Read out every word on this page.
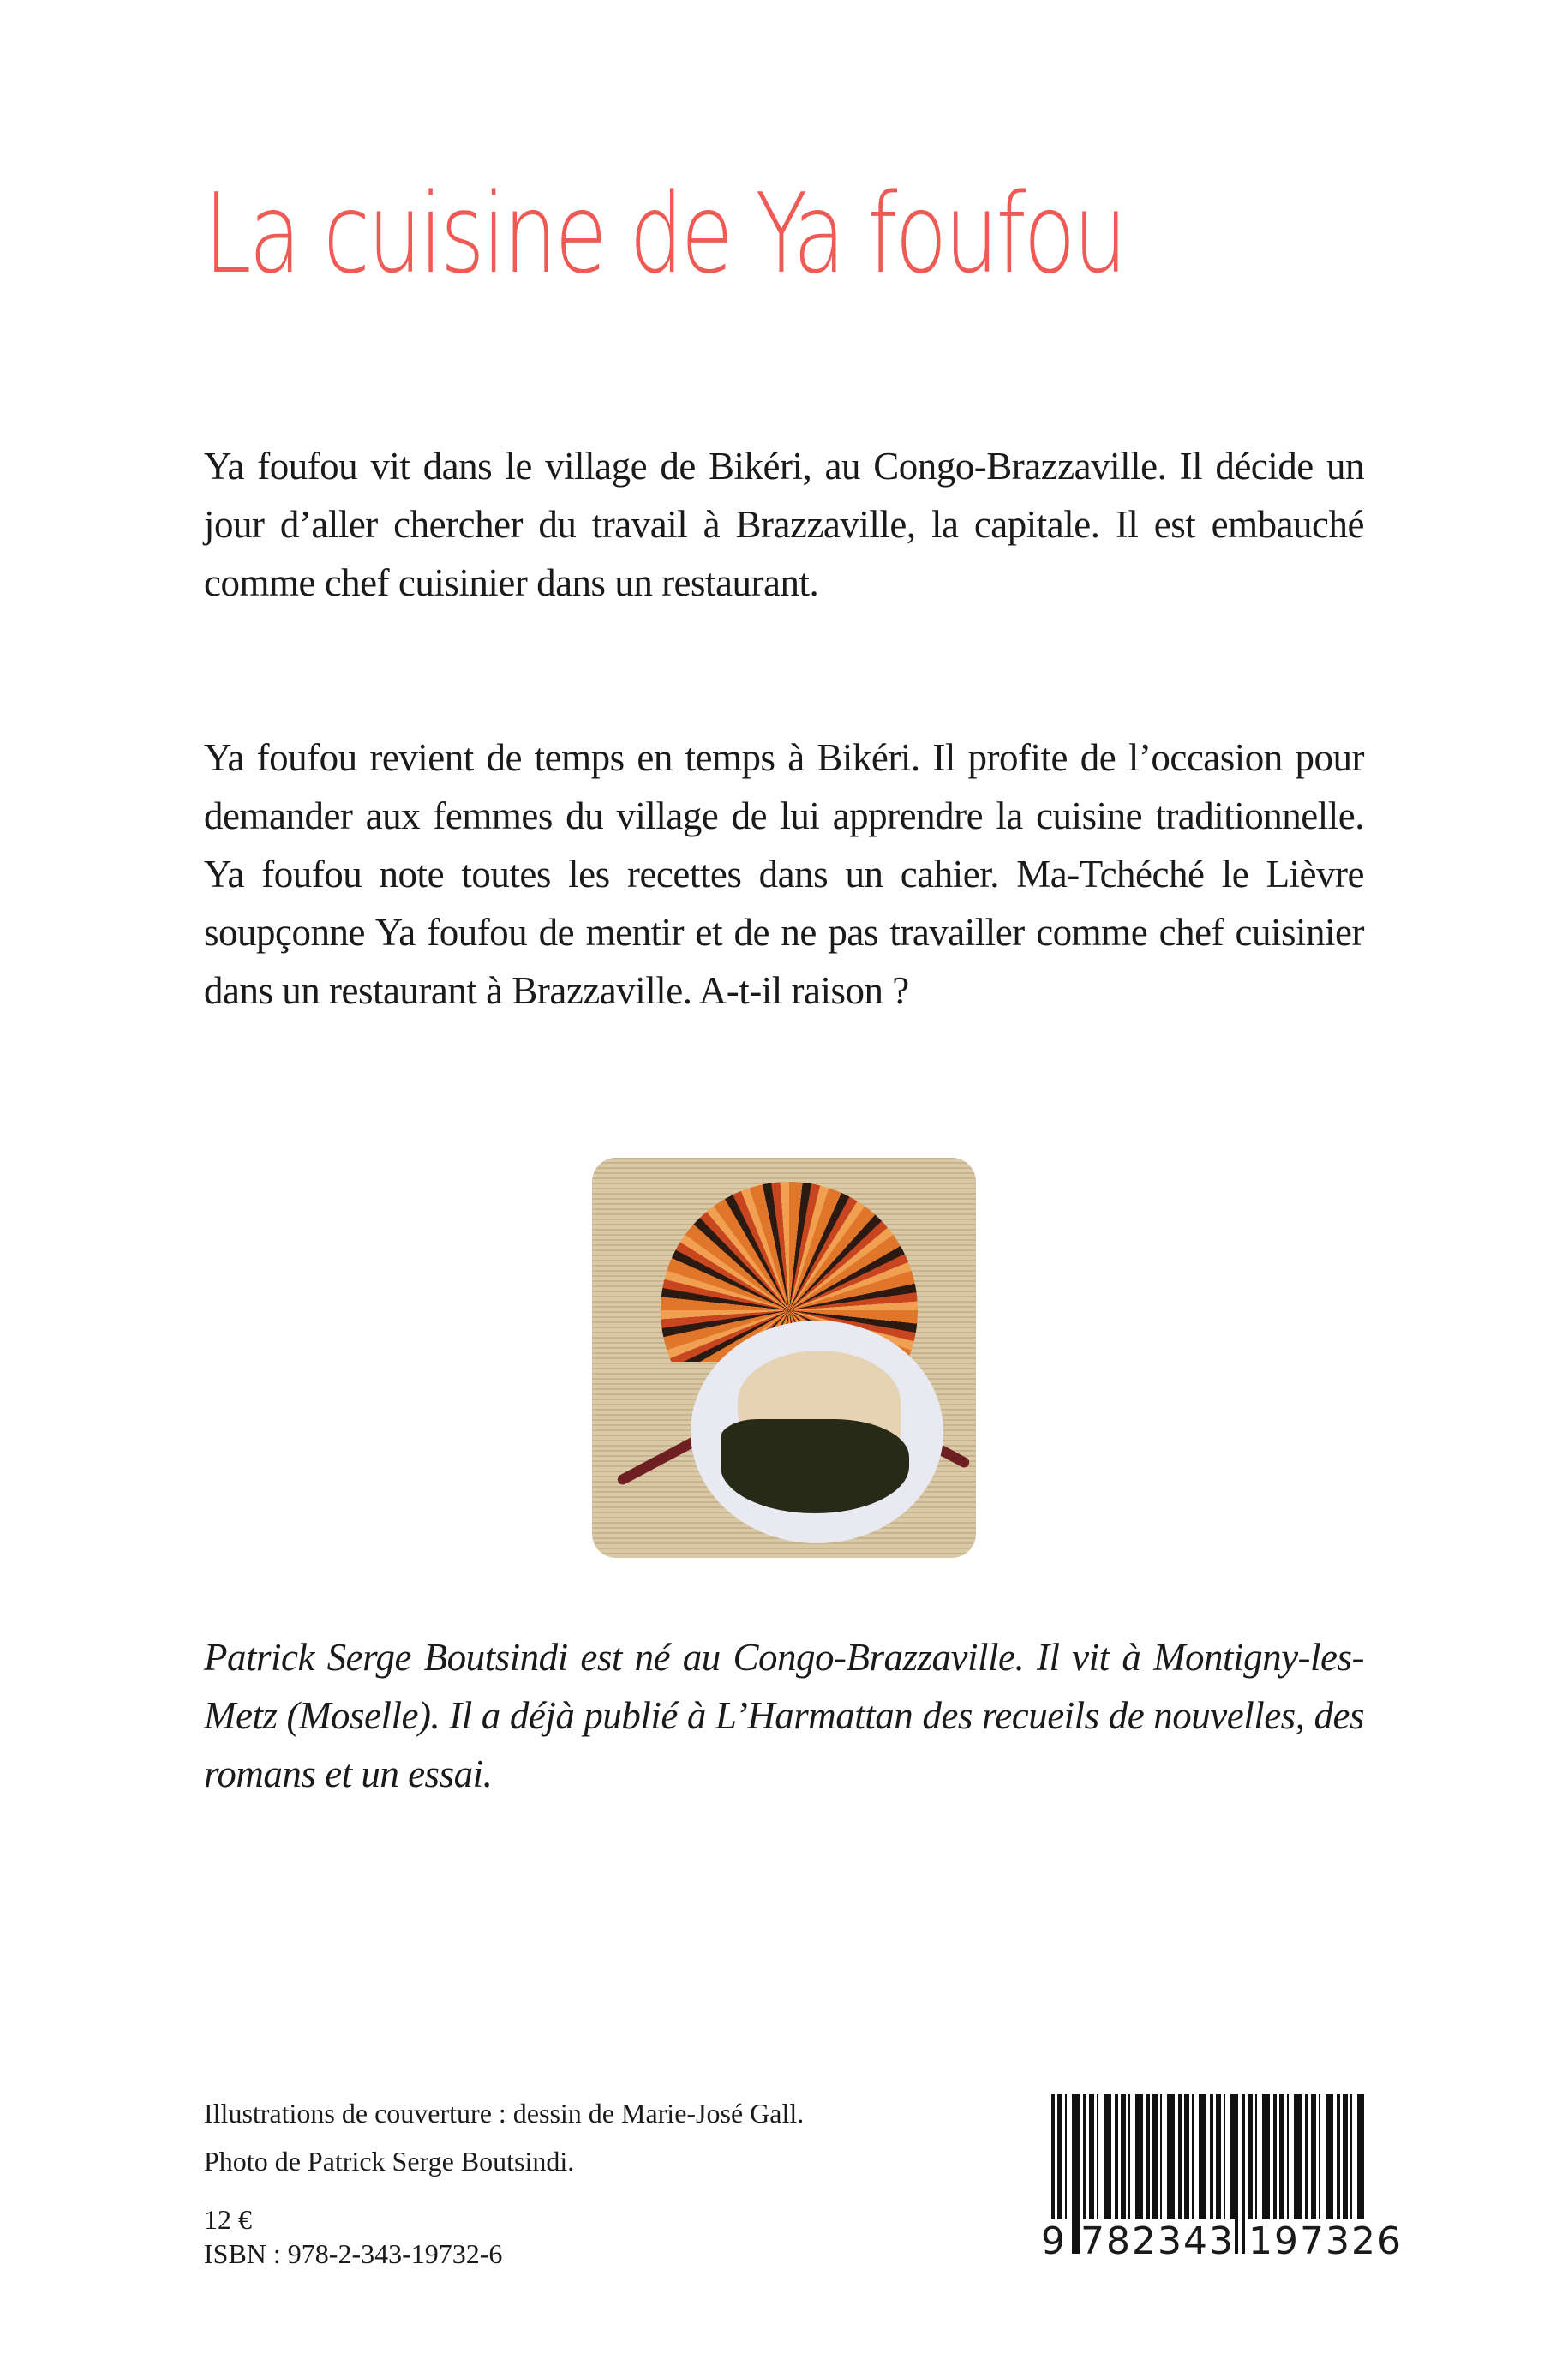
La cuisine de Ya foufou

Ya foufou vit dans le village de Bikéri, au Congo-Brazzaville. Il décide un jour d’aller chercher du travail à Brazzaville, la capitale. Il est embauché comme chef cuisinier dans un restaurant.

Ya foufou revient de temps en temps à Bikéri. Il profite de l’occasion pour demander aux femmes du village de lui apprendre la cuisine traditionnelle. Ya foufou note toutes les recettes dans un cahier. Ma-Tchéché le Lièvre soupçonne Ya foufou de mentir et de ne pas travailler comme chef cuisinier dans un restaurant à Brazzaville. A-t-il raison ?

Patrick Serge Boutsindi est né au Congo-Brazzaville. Il vit à Montigny-les-Metz (Moselle). Il a déjà publié à L’Harmattan des recueils de nouvelles, des romans et un essai.

Illustrations de couverture : dessin de Marie-José Gall.
Photo de Patrick Serge Boutsindi.
12 €
ISBN : 978-2-343-19732-6	9 782343 197326
